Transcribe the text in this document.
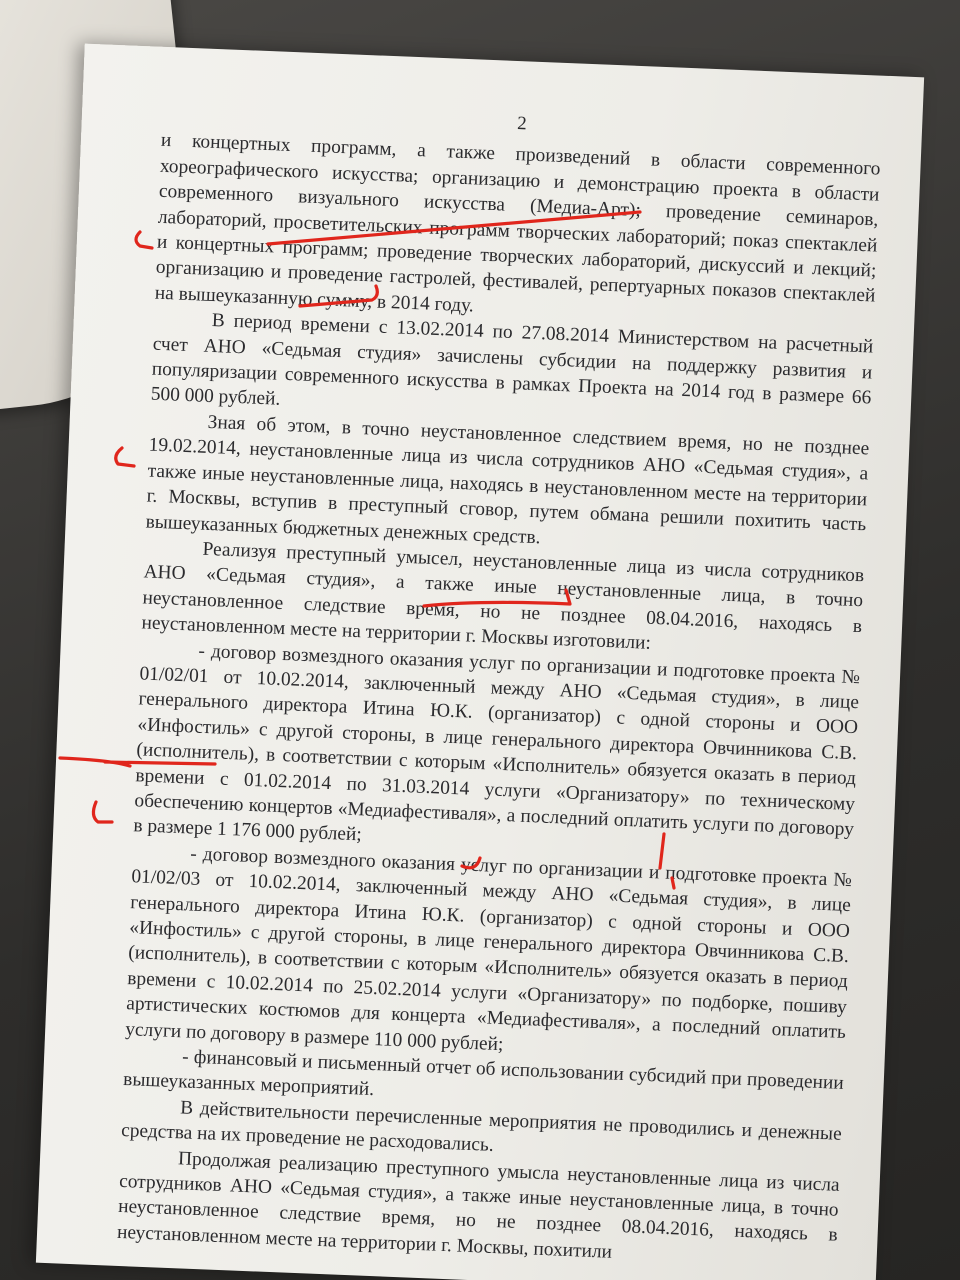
2

и концертных программ, а также произведений в области современного хореографического искусства; организацию и демонстрацию проекта в области современного визуального искусства (Медиа-Арт); проведение семинаров, лабораторий, просветительских программ творческих лабораторий; показ спектаклей и концертных программ; проведение творческих лабораторий, дискуссий и лекций; организацию и проведение гастролей, фестивалей, репертуарных показов спектаклей на вышеуказанную сумму, в 2014 году.

В период времени с 13.02.2014 по 27.08.2014 Министерством на расчетный счет АНО «Седьмая студия» зачислены субсидии на поддержку развития и популяризации современного искусства в рамках Проекта на 2014 год в размере 66 500 000 рублей.

Зная об этом, в точно неустановленное следствием время, но не позднее 19.02.2014, неустановленные лица из числа сотрудников АНО «Седьмая студия», а также иные неустановленные лица, находясь в неустановленном месте на территории г. Москвы, вступив в преступный сговор, путем обмана решили похитить часть вышеуказанных бюджетных денежных средств.

Реализуя преступный умысел, неустановленные лица из числа сотрудников АНО «Седьмая студия», а также иные неустановленные лица, в точно неустановленное следствие время, но не позднее 08.04.2016, находясь в неустановленном месте на территории г. Москвы изготовили:

- договор возмездного оказания услуг по организации и подготовке проекта № 01/02/01 от 10.02.2014, заключенный между АНО «Седьмая студия», в лице генерального директора Итина Ю.К. (организатор) с одной стороны и ООО «Инфостиль» с другой стороны, в лице генерального директора Овчинникова С.В. (исполнитель), в соответствии с которым «Исполнитель» обязуется оказать в период времени с 01.02.2014 по 31.03.2014 услуги «Организатору» по техническому обеспечению концертов «Медиафестиваля», а последний оплатить услуги по договору в размере 1 176 000 рублей;

- договор возмездного оказания услуг по организации и подготовке проекта № 01/02/03 от 10.02.2014, заключенный между АНО «Седьмая студия», в лице генерального директора Итина Ю.К. (организатор) с одной стороны и ООО «Инфостиль» с другой стороны, в лице генерального директора Овчинникова С.В. (исполнитель), в соответствии с которым «Исполнитель» обязуется оказать в период времени с 10.02.2014 по 25.02.2014 услуги «Организатору» по подборке, пошиву артистических костюмов для концерта «Медиафестиваля», а последний оплатить услуги по договору в размере 110 000 рублей;

- финансовый и письменный отчет об использовании субсидий при проведении вышеуказанных мероприятий.

В действительности перечисленные мероприятия не проводились и денежные средства на их проведение не расходовались.

Продолжая реализацию преступного умысла неустановленные лица из числа сотрудников АНО «Седьмая студия», а также иные неустановленные лица, в точно неустановленное следствие время, но не позднее 08.04.2016, находясь в неустановленном месте на территории г. Москвы, похитили
